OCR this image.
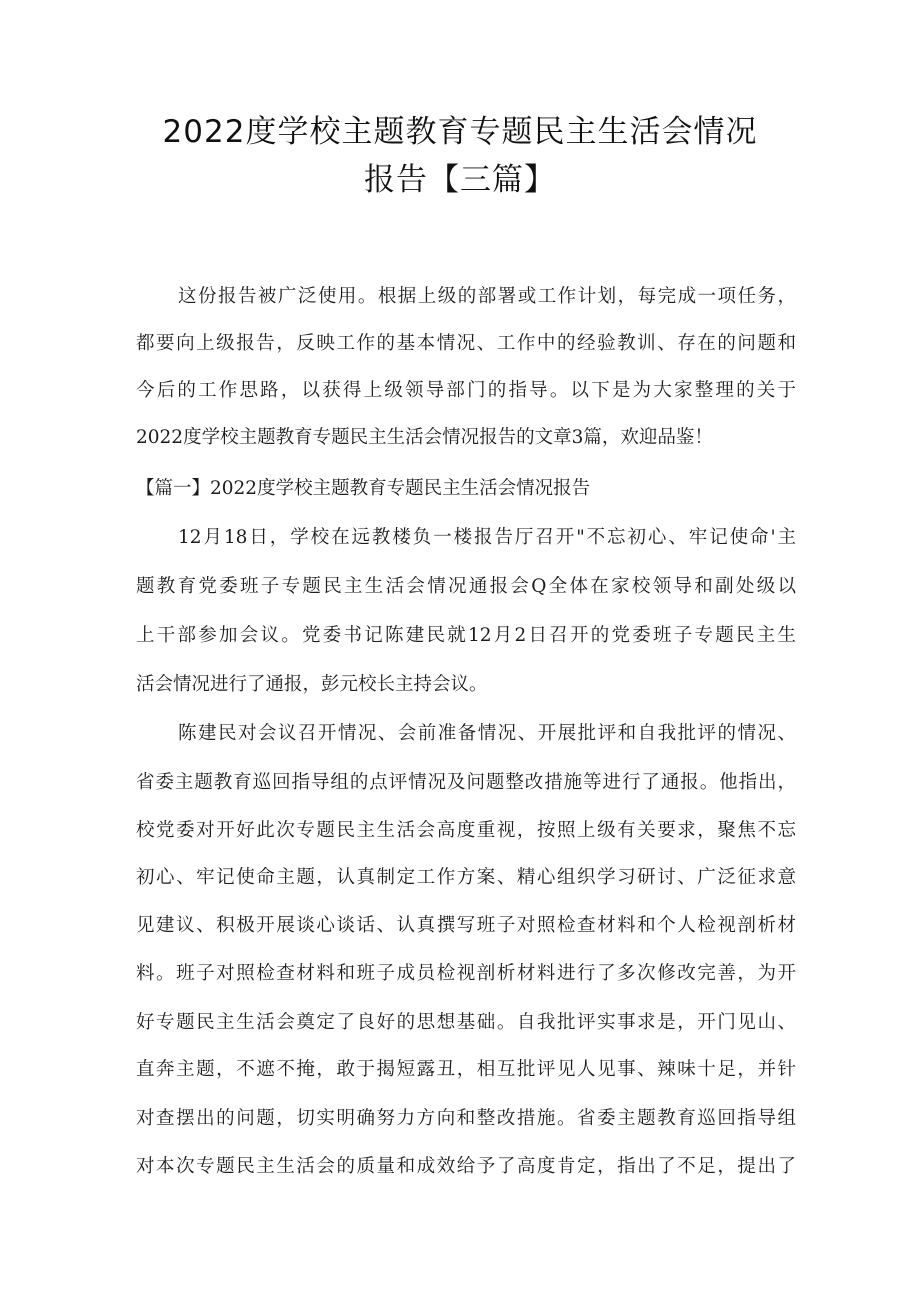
2022度学校主题教育专题民主生活会情况
报告【三篇】
这份报告被广泛使用。根据上级的部署或工作计划，每完成一项任务，
都要向上级报告，反映工作的基本情况、工作中的经验教训、存在的问题和
今后的工作思路，以获得上级领导部门的指导。以下是为大家整理的关于
2022度学校主题教育专题民主生活会情况报告的文章3篇，欢迎品鉴！
【篇一】2022度学校主题教育专题民主生活会情况报告
12月18日，学校在远教楼负一楼报告厅召开"不忘初心、牢记使命'主
题教育党委班子专题民主生活会情况通报会Q全体在家校领导和副处级以
上干部参加会议。党委书记陈建民就12月2日召开的党委班子专题民主生
活会情况进行了通报，彭元校长主持会议。
陈建民对会议召开情况、会前准备情况、开展批评和自我批评的情况、
省委主题教育巡回指导组的点评情况及问题整改措施等进行了通报。他指出，
校党委对开好此次专题民主生活会高度重视，按照上级有关要求，聚焦不忘
初心、牢记使命主题，认真制定工作方案、精心组织学习研讨、广泛征求意
见建议、积极开展谈心谈话、认真撰写班子对照检查材料和个人检视剖析材
料。班子对照检查材料和班子成员检视剖析材料进行了多次修改完善，为开
好专题民主生活会奠定了良好的思想基础。自我批评实事求是，开门见山、
直奔主题，不遮不掩，敢于揭短露丑，相互批评见人见事、辣味十足，并针
对查摆出的问题，切实明确努力方向和整改措施。省委主题教育巡回指导组
对本次专题民主生活会的质量和成效给予了高度肯定，指出了不足，提出了
